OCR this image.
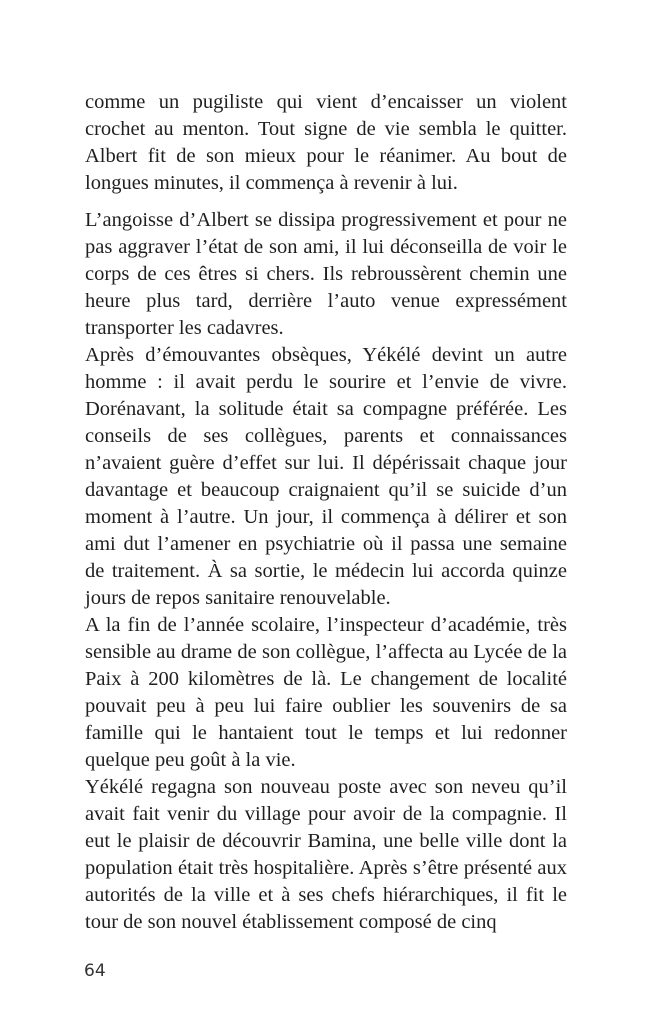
comme un pugiliste qui vient d’encaisser un violent crochet au menton. Tout signe de vie sembla le quitter. Albert fit de son mieux pour le réanimer. Au bout de longues minutes, il commença à revenir à lui.

L’angoisse d’Albert se dissipa progressivement et pour ne pas aggraver l’état de son ami, il lui déconseilla de voir le corps de ces êtres si chers. Ils rebroussèrent chemin une heure plus tard, derrière l’auto venue expressément transporter les cadavres.

Après d’émouvantes obsèques, Yékélé devint un autre homme : il avait perdu le sourire et l’envie de vivre. Dorénavant, la solitude était sa compagne préférée. Les conseils de ses collègues, parents et connaissances n’avaient guère d’effet sur lui. Il dépérissait chaque jour davantage et beaucoup craignaient qu’il se suicide d’un moment à l’autre. Un jour, il commença à délirer et son ami dut l’amener en psychiatrie où il passa une semaine de traitement. À sa sortie, le médecin lui accorda quinze jours de repos sanitaire renouvelable.

A la fin de l’année scolaire, l’inspecteur d’académie, très sensible au drame de son collègue, l’affecta au Lycée de la Paix à 200 kilomètres de là. Le changement de localité pouvait peu à peu lui faire oublier les souvenirs de sa famille qui le hantaient tout le temps et lui redonner quelque peu goût à la vie.

Yékélé regagna son nouveau poste avec son neveu qu’il avait fait venir du village pour avoir de la compagnie. Il eut le plaisir de découvrir Bamina, une belle ville dont la population était très hospitalière. Après s’être présenté aux autorités de la ville et à ses chefs hiérarchiques, il fit le tour de son nouvel établissement composé de cinq

64
